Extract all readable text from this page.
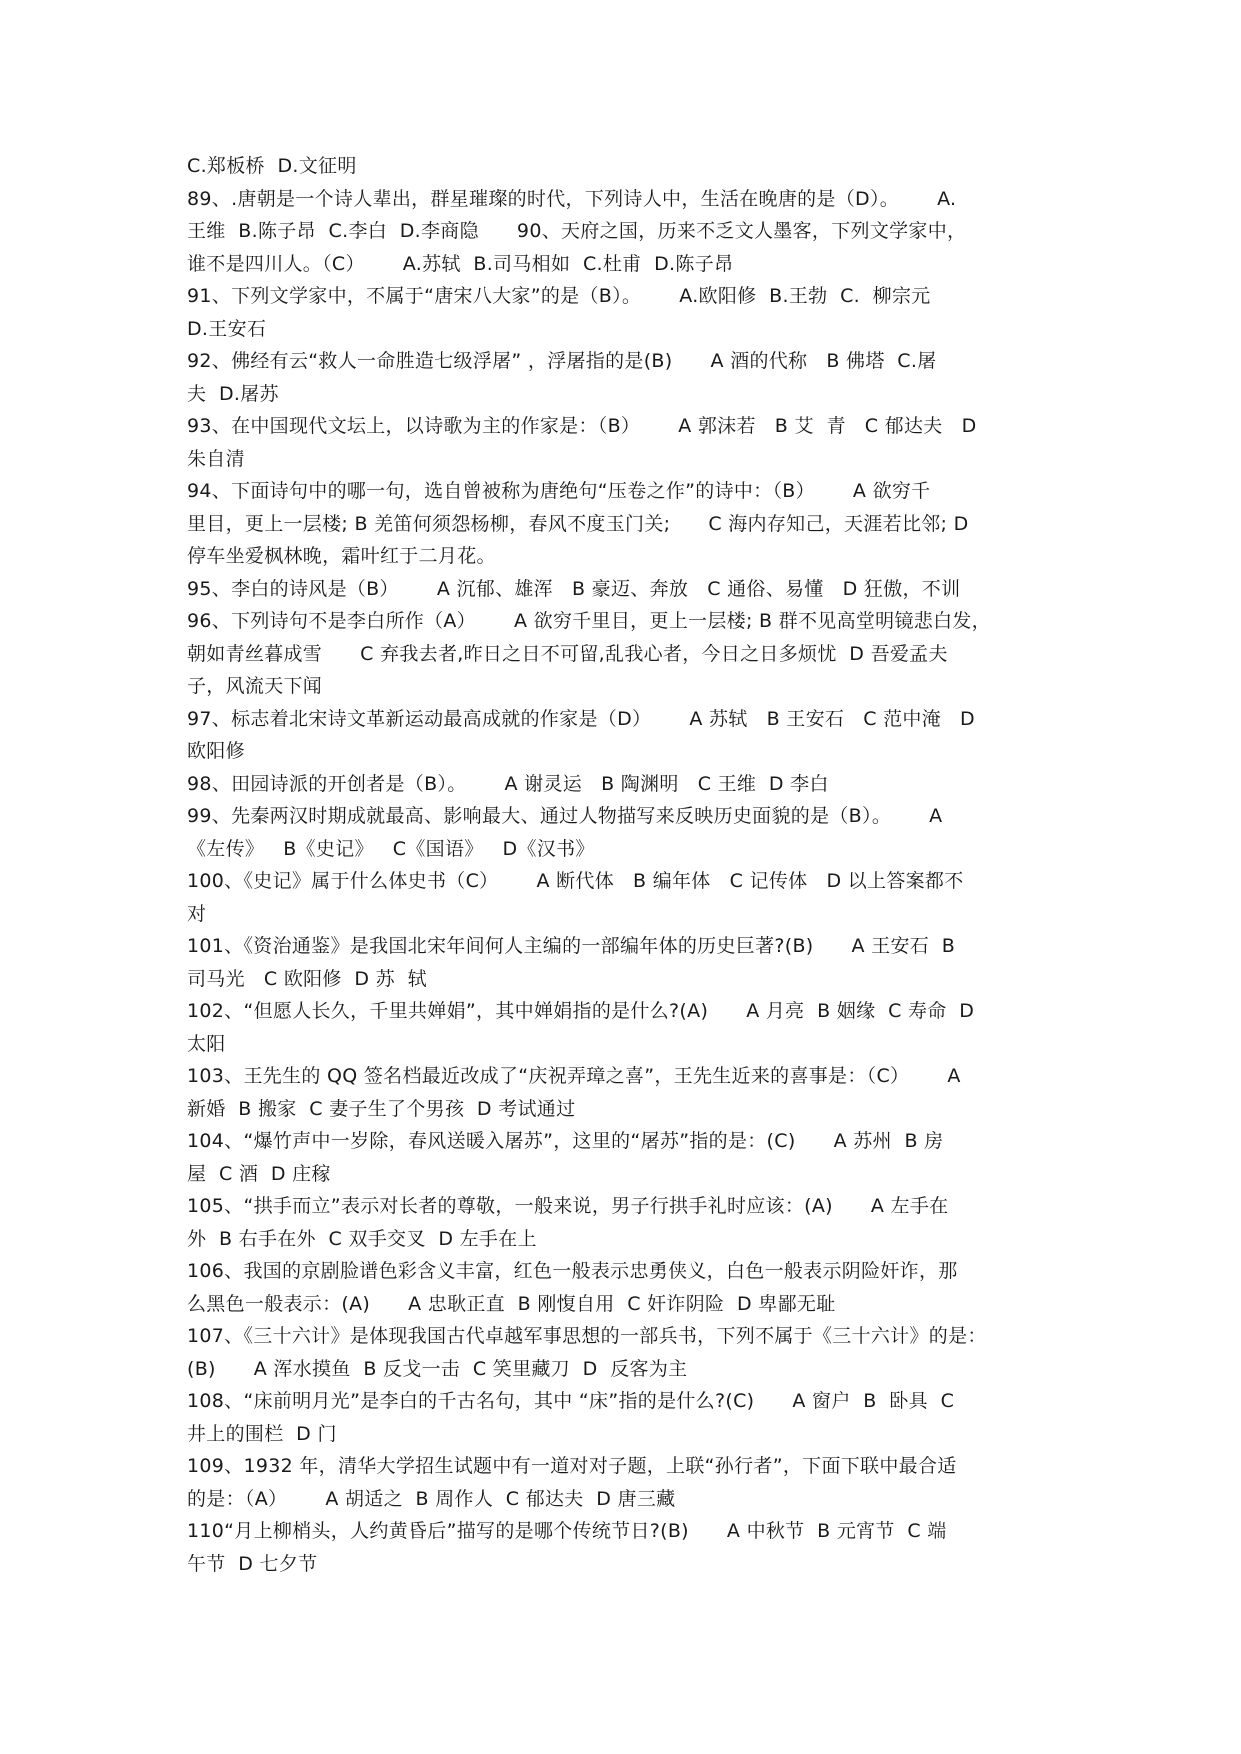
C.郑板桥  D.文征明
89、.唐朝是一个诗人辈出，群星璀璨的时代，下列诗人中，生活在晚唐的是（D）。      A.
王维  B.陈子昂  C.李白  D.李商隐      90、天府之国，历来不乏文人墨客，下列文学家中，
谁不是四川人。（C）      A.苏轼  B.司马相如  C.杜甫  D.陈子昂
91、下列文学家中，不属于“唐宋八大家”的是（B）。      A.欧阳修  B.王勃  C.  柳宗元
D.王安石
92、佛经有云“救人一命胜造七级浮屠” ，浮屠指的是(B)      A 酒的代称   B 佛塔  C.屠
夫  D.屠苏
93、在中国现代文坛上，以诗歌为主的作家是：（B）      A 郭沫若   B 艾  青   C 郁达夫   D
朱自清
94、下面诗句中的哪一句，选自曾被称为唐绝句“压卷之作”的诗中：（B）      A 欲穷千
里目，更上一层楼; B 羌笛何须怨杨柳，春风不度玉门关;      C 海内存知己，天涯若比邻; D
停车坐爱枫林晚，霜叶红于二月花。
95、李白的诗风是（B）      A 沉郁、雄浑   B 豪迈、奔放   C 通俗、易懂   D 狂傲，不训
96、下列诗句不是李白所作（A）      A 欲穷千里目，更上一层楼; B 群不见高堂明镜悲白发，
朝如青丝暮成雪      C 弃我去者,昨日之日不可留,乱我心者，今日之日多烦忧  D 吾爱孟夫
子，风流天下闻
97、标志着北宋诗文革新运动最高成就的作家是（D）      A 苏轼   B 王安石   C 范中淹   D
欧阳修
98、田园诗派的开创者是（B）。      A 谢灵运   B 陶渊明   C 王维  D 李白
99、先秦两汉时期成就最高、影响最大、通过人物描写来反映历史面貌的是（B）。      A
《左传》   B《史记》   C《国语》   D《汉书》
100、《史记》属于什么体史书（C）      A 断代体   B 编年体   C 记传体   D 以上答案都不
对
101、《资治通鉴》是我国北宋年间何人主编的一部编年体的历史巨著?(B)      A 王安石  B
司马光   C 欧阳修  D 苏  轼
102、“但愿人长久，千里共婵娟”，其中婵娟指的是什么?(A)      A 月亮  B 姻缘  C 寿命  D
太阳
103、王先生的 QQ 签名档最近改成了“庆祝弄璋之喜”，王先生近来的喜事是：（C）      A
新婚  B 搬家  C 妻子生了个男孩  D 考试通过
104、“爆竹声中一岁除，春风送暖入屠苏”，这里的“屠苏”指的是：(C)      A 苏州  B 房
屋  C 酒  D 庄稼
105、“拱手而立”表示对长者的尊敬，一般来说，男子行拱手礼时应该：(A)      A 左手在
外  B 右手在外  C 双手交叉  D 左手在上
106、我国的京剧脸谱色彩含义丰富，红色一般表示忠勇侠义，白色一般表示阴险奸诈，那
么黑色一般表示：(A)      A 忠耿正直  B 刚愎自用  C 奸诈阴险  D 卑鄙无耻
107、《三十六计》是体现我国古代卓越军事思想的一部兵书，下列不属于《三十六计》的是：
(B)      A 浑水摸鱼  B 反戈一击  C 笑里藏刀  D  反客为主
108、“床前明月光”是李白的千古名句，其中 “床”指的是什么?(C)      A 窗户  B  卧具  C
井上的围栏  D 门
109、1932 年，清华大学招生试题中有一道对对子题，上联“孙行者”，下面下联中最合适
的是：（A）      A 胡适之  B 周作人  C 郁达夫  D 唐三藏
110“月上柳梢头，人约黄昏后”描写的是哪个传统节日?(B)      A 中秋节  B 元宵节  C 端
午节  D 七夕节
